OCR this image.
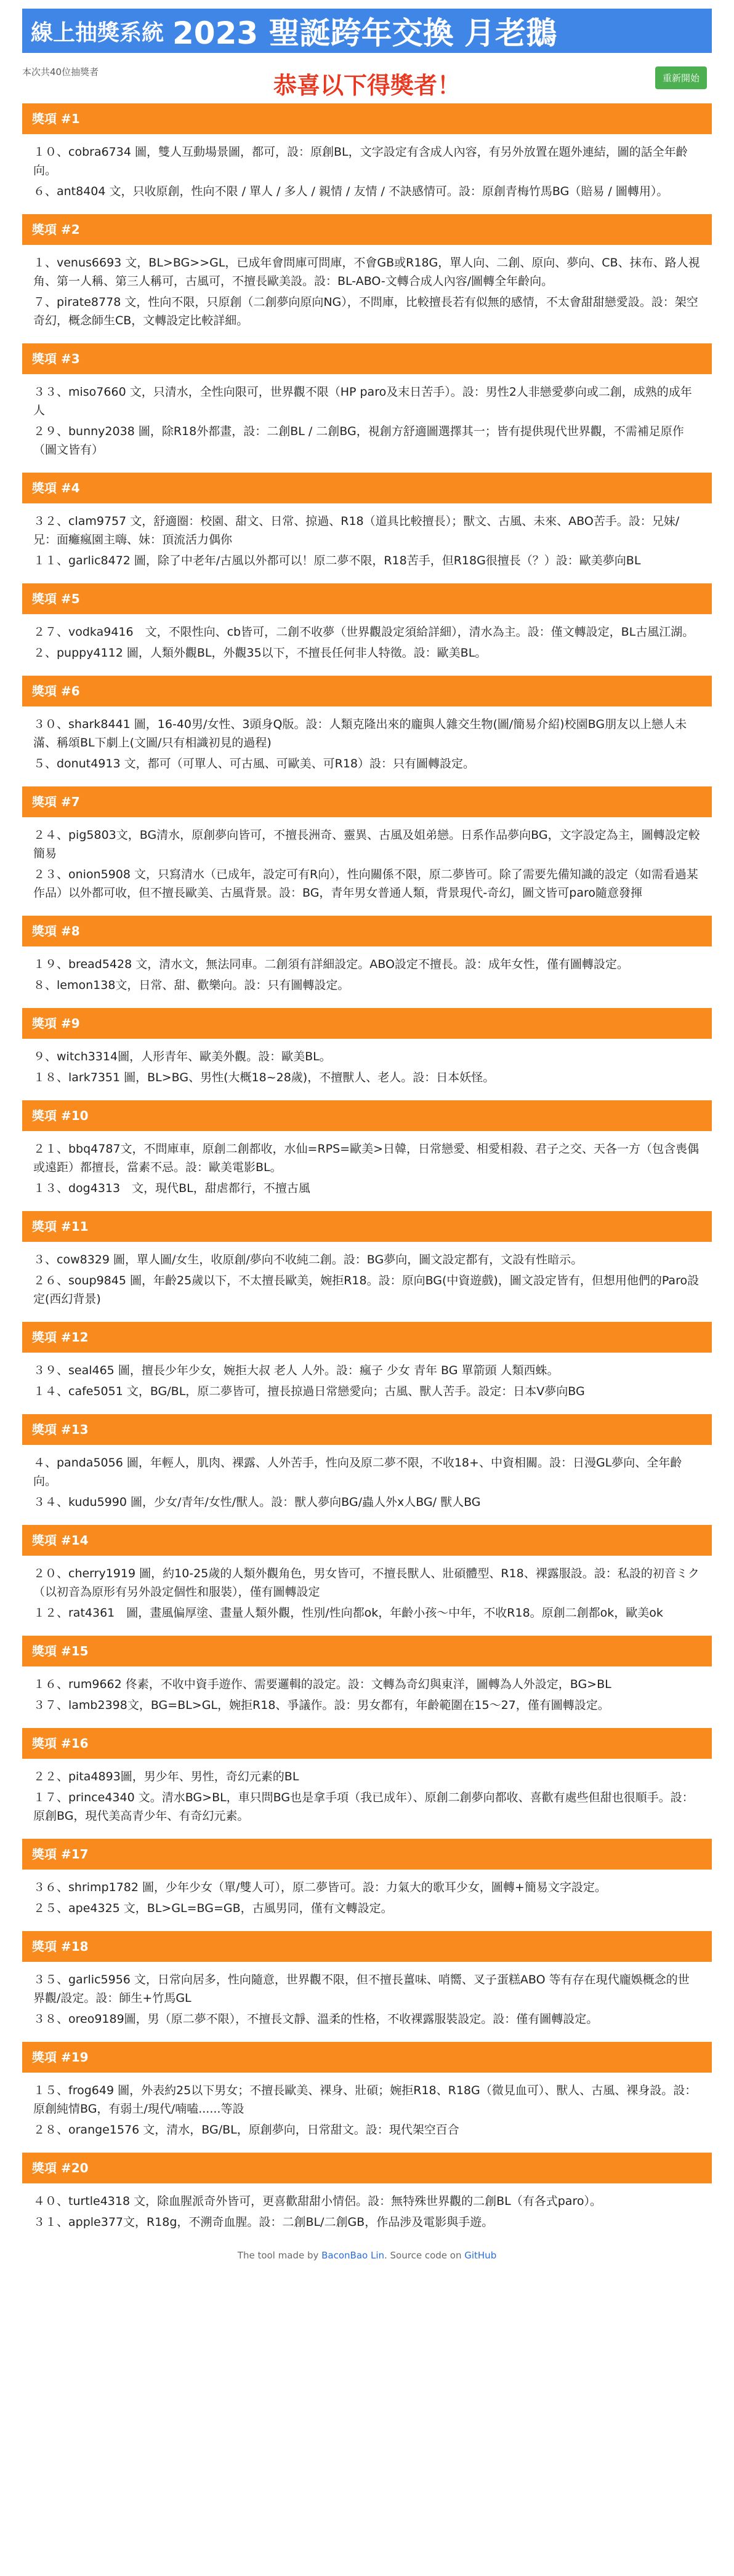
線上抽獎系統 2023 聖誕跨年交換 月老鵝
本次共40位抽獎者	恭喜以下得獎者！	重新開始
獎項 #1

１０、cobra6734 圖，雙人互動場景圖，都可，設：原創BL，文字設定有含成人內容，有另外放置在題外連結，圖的話全年齡向。

６、ant8404 文，只收原創，性向不限 / 單人 / 多人 / 親情 / 友情 / 不訣感情可。設：原創青梅竹馬BG（賠易 / 圖轉用）。

獎項 #2

１、venus6693 文，BL>BG>>GL，已成年會問庫可問庫，不會GB或R18G，單人向、二創、原向、夢向、CB、抹布、路人視角、第一人稱、第三人稱可，古風可，不擅長歐美設。設：BL-ABO-文轉合成人內容/圖轉全年齡向。

７、pirate8778 文，性向不限，只原創（二創夢向原向NG），不問庫，比較擅長若有似無的感情，不太會甜甜戀愛設。設：架空奇幻，概念師生CB，文轉設定比較詳細。

獎項 #3

３３、miso7660 文，只清水，全性向限可，世界觀不限（HP paro及末日苦手）。設：男性2人非戀愛夢向或二創，成熟的成年人

２９、bunny2038 圖，除R18外都畫，設：二創BL / 二創BG，視創方舒適圖選擇其一；皆有提供現代世界觀，不需補足原作（圖文皆有）

獎項 #4

３２、clam9757 文，舒適圈：校園、甜文、日常、掠過、R18（道具比較擅長）；獸文、古風、未來、ABO苦手。設：兄妹/兄：面癱瘋園主嗨、妹：頂流活力偶你

１１、garlic8472 圖，除了中老年/古風以外都可以！原二夢不限，R18苦手，但R18G很擅長（？）設：歐美夢向BL

獎項 #5

２７、vodka9416　文，不限性向、cb皆可，二創不收夢（世界觀設定須給詳細），清水為主。設：僅文轉設定，BL古風江湖。

２、puppy4112 圖，人類外觀BL，外觀35以下，不擅長任何非人特徵。設：歐美BL。

獎項 #6

３０、shark8441 圖，16-40男/女性、3頭身Q版。設：人類克隆出來的龐與人雜交生物(圖/簡易介紹)校園BG朋友以上戀人未滿、稱頌BL下劇上(文圖/只有相識初見的過程)

５、donut4913 文，都可（可單人、可古風、可歐美、可R18）設：只有圖轉設定。

獎項 #7

２４、pig5803文，BG清水，原創夢向皆可，不擅長洲奇、靈異、古風及姐弟戀。日系作品夢向BG，文字設定為主，圖轉設定較簡易

２３、onion5908 文，只寫清水（已成年，設定可有R向），性向關係不限，原二夢皆可。除了需要先備知識的設定（如需看過某作品）以外都可收，但不擅長歐美、古風背景。設：BG，青年男女普通人類，背景現代-奇幻，圖文皆可paro隨意發揮

獎項 #8

１９、bread5428 文，清水文，無法同車。二創須有詳細設定。ABO設定不擅長。設：成年女性，僅有圖轉設定。

８、lemon138文，日常、甜、歡樂向。設：只有圖轉設定。

獎項 #9

９、witch3314圖，人形青年、歐美外觀。設：歐美BL。

１８、lark7351 圖，BL>BG、男性(大概18~28歲)，不擅獸人、老人。設：日本妖怪。

獎項 #10

２１、bbq4787文，不問庫車，原創二創都收，水仙=RPS=歐美>日韓，日常戀愛、相愛相殺、君子之交、天各一方（包含喪偶或遠距）都擅長，當素不忌。設：歐美電影BL。

１３、dog4313　文，現代BL，甜虐都行，不擅古風

獎項 #11

３、cow8329 圖，單人圖/女生，收原創/夢向不收純二創。設：BG夢向，圖文設定都有，文設有性暗示。

２６、soup9845 圖，年齡25歲以下，不太擅長歐美，婉拒R18。設：原向BG(中資遊戲)，圖文設定皆有，但想用他們的Paro設定(西幻背景)

獎項 #12

３９、seal465 圖，擅長少年少女，婉拒大叔 老人 人外。設：瘋子 少女 青年 BG 單箭頭 人類西蛛。

１４、cafe5051 文，BG/BL，原二夢皆可，擅長掠過日常戀愛向；古風、獸人苦手。設定：日本V夢向BG

獎項 #13

４、panda5056 圖，年輕人，肌肉、裸露、人外苦手，性向及原二夢不限，不收18+、中資相關。設：日漫GL夢向、全年齡向。

３４、kudu5990 圖，少女/青年/女性/獸人。設：獸人夢向BG/蟲人外x人BG/ 獸人BG

獎項 #14

２０、cherry1919 圖，約10-25歲的人類外觀角色，男女皆可，不擅長獸人、壯碩體型、R18、裸露服設。設：私設的初音ミク（以初音為原形有另外設定個性和服裝），僅有圖轉設定

１２、rat4361　圖，畫風偏厚塗、畫量人類外觀，性別/性向都ok，年齡小孩～中年，不收R18。原創二創都ok，歐美ok

獎項 #15

１６、rum9662 佟素，不收中資手遊作、需要邏輯的設定。設：文轉為奇幻與東洋，圖轉為人外設定，BG>BL

３７、lamb2398文，BG=BL>GL，婉拒R18、爭議作。設：男女都有，年齡範圍在15～27，僅有圖轉設定。

獎項 #16

２２、pita4893圖，男少年、男性，奇幻元素的BL

１７、prince4340 文。清水BG>BL，車只問BG也是拿手項（我已成年）、原創二創夢向都收、喜歡有處些但甜也很順手。設：原創BG，現代美高青少年、有奇幻元素。

獎項 #17

３６、shrimp1782 圖，少年少女（單/雙人可），原二夢皆可。設：力氣大的歌耳少女，圖轉+簡易文字設定。

２５、ape4325 文，BL>GL=BG=GB，古風男同，僅有文轉設定。

獎項 #18

３５、garlic5956 文，日常向居多，性向隨意，世界觀不限，但不擅長薑味、哨嚮、叉子蛋糕ABO 等有存在現代龐娛概念的世界觀/設定。設：師生+竹馬GL

３８、oreo9189圖，男（原二夢不限），不擅長文靜、溫柔的性格，不收裸露服裝設定。設：僅有圖轉設定。

獎項 #19

１５、frog649 圖，外表約25以下男女；不擅長歐美、裸身、壯碩；婉拒R18、R18G（微見血可）、獸人、古風、裸身設。設：原創純情BG，有弱土/現代/喃嗑......等設

２８、orange1576 文，清水，BG/BL，原創夢向，日常甜文。設：現代架空百合

獎項 #20

４０、turtle4318 文，除血腥派奇外皆可，更喜歡甜甜小情侶。設：無特殊世界觀的二創BL（有各式paro）。

３１、apple377文，R18g，不溯奇血腥。設：二創BL/二創GB，作品涉及電影與手遊。

The tool made by BaconBao Lin. Source code on GitHub
